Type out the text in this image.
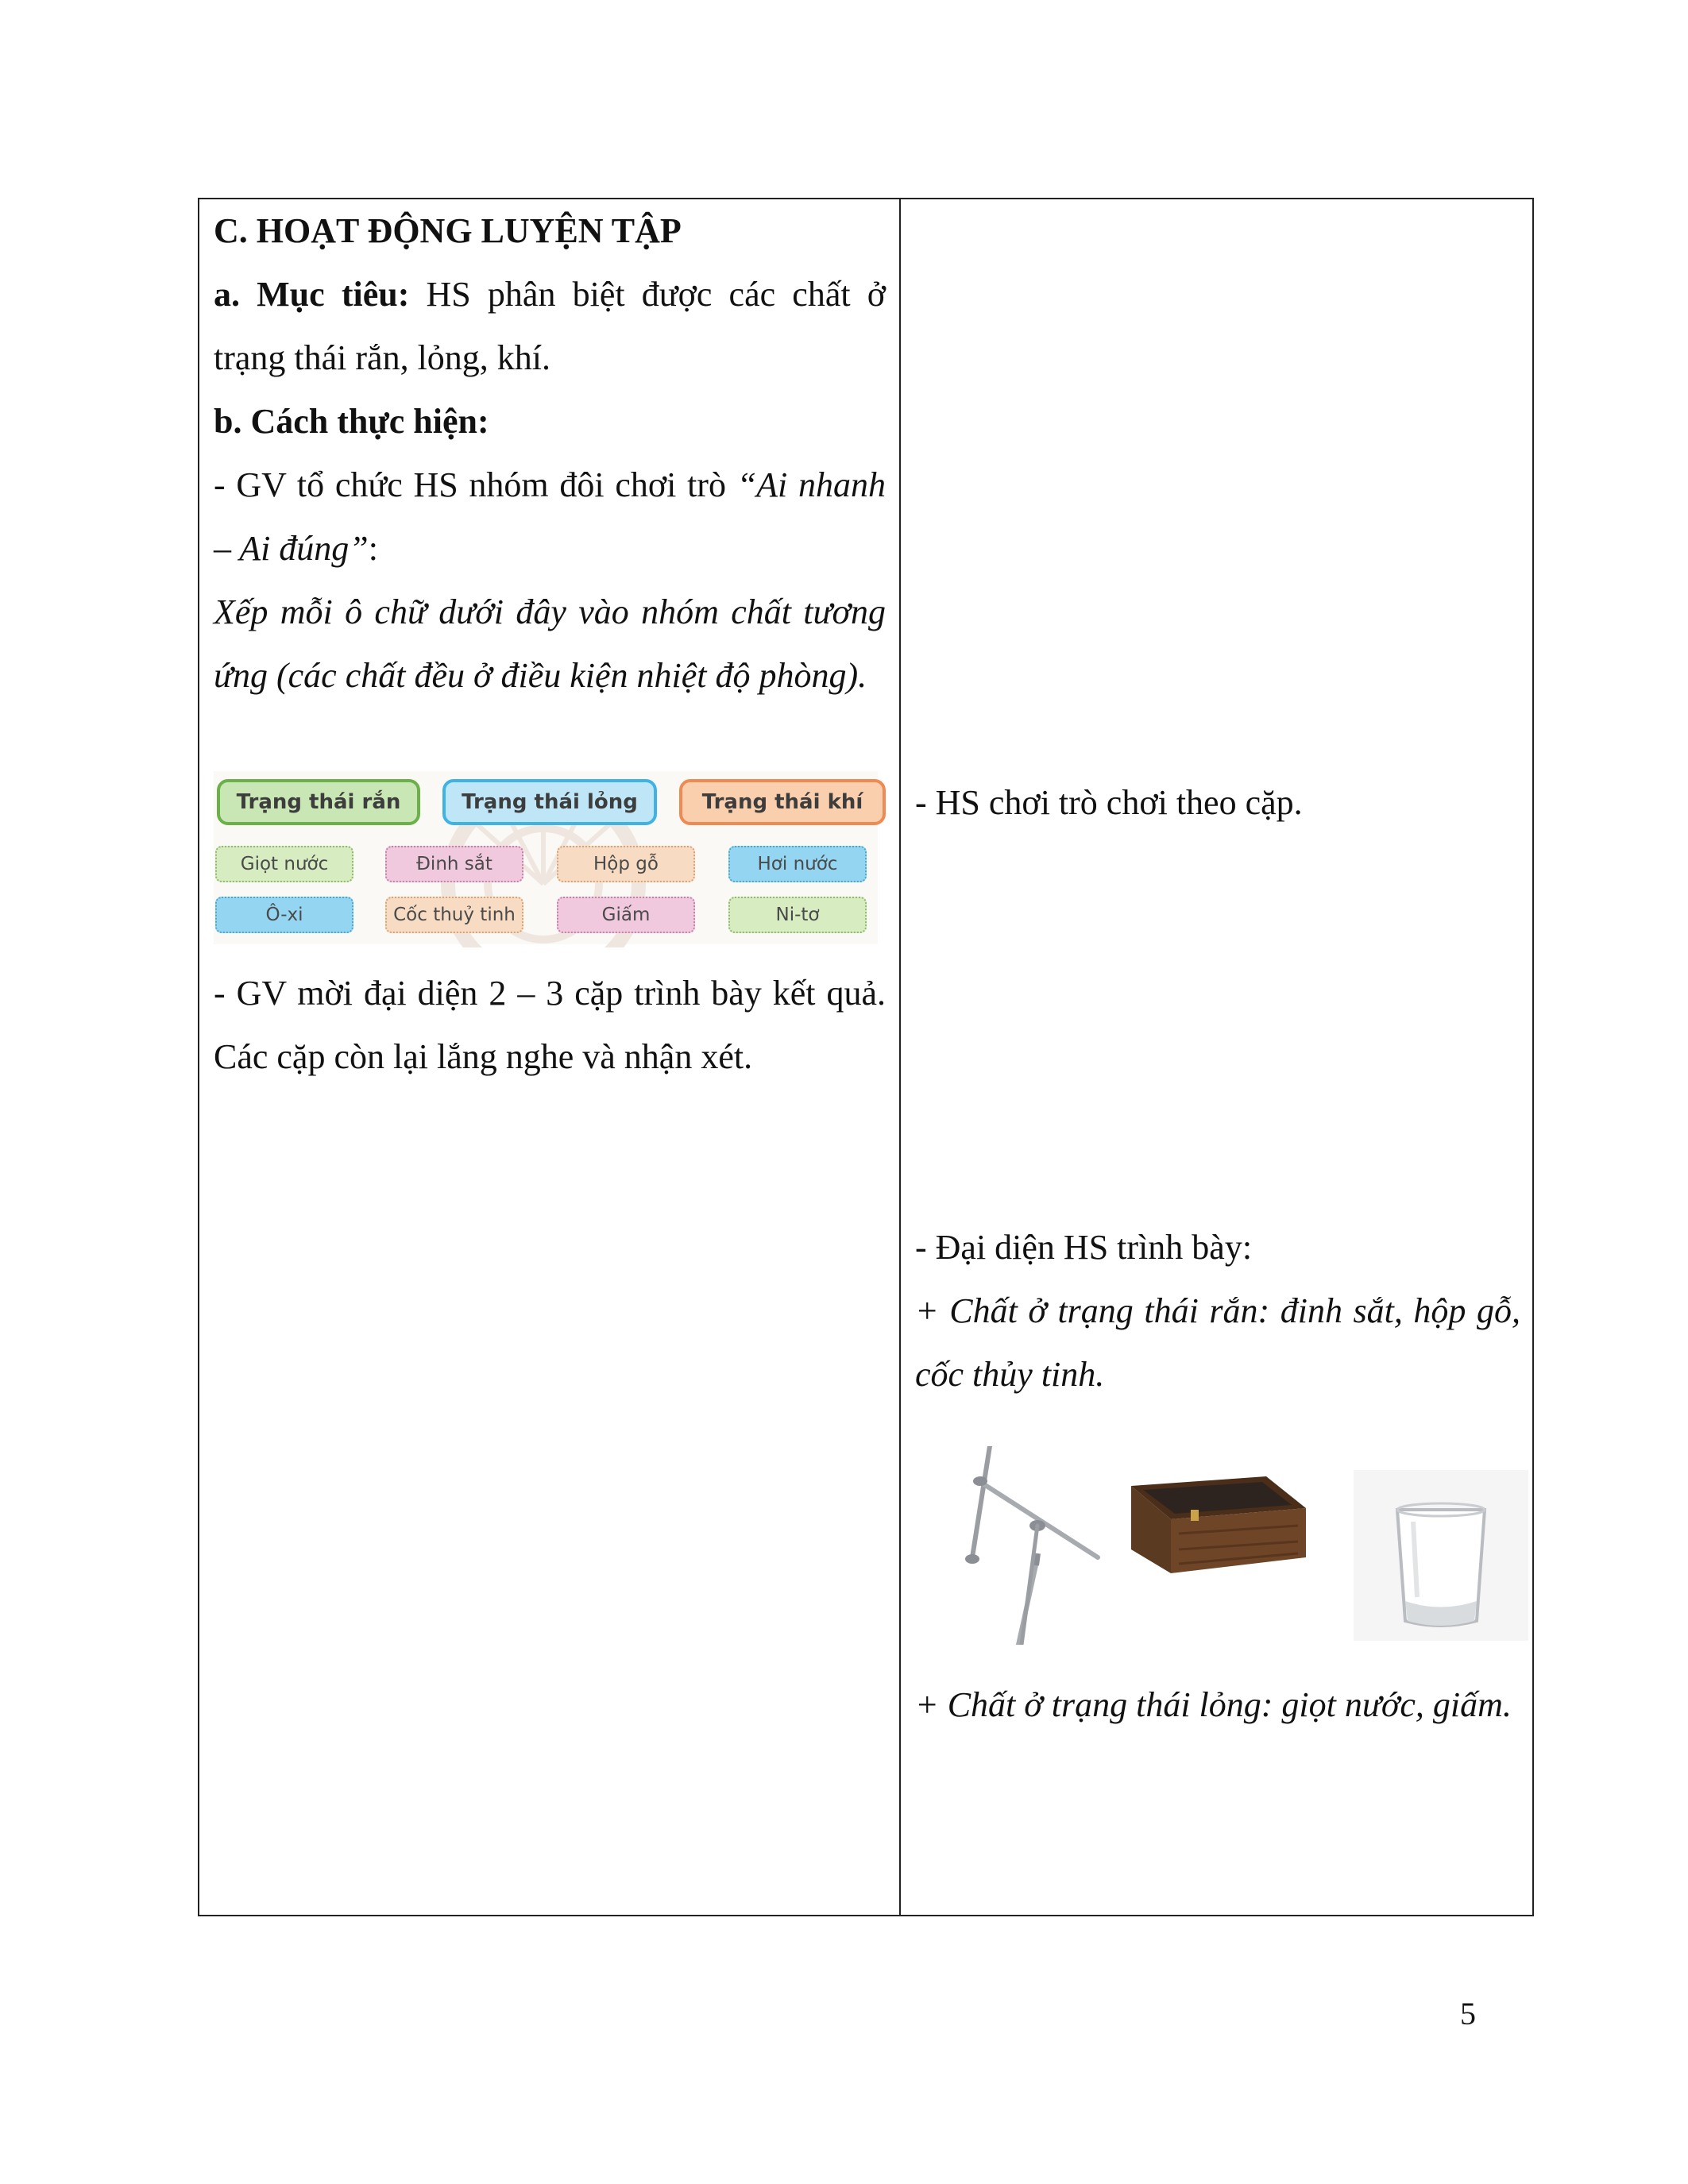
C. HOẠT ĐỘNG LUYỆN TẬP
a. Mục tiêu: HS phân biệt được các chất ở trạng thái rắn, lỏng, khí.
b. Cách thực hiện:
- GV tổ chức HS nhóm đôi chơi trò “Ai nhanh – Ai đúng”:
Xếp mỗi ô chữ dưới đây vào nhóm chất tương ứng (các chất đều ở điều kiện nhiệt độ phòng).
Trạng thái rắn	Trạng thái lỏng	Trạng thái khí
Giọt nước	Đinh sắt	Hộp gỗ	Hơi nước
Ô-xi	Cốc thuỷ tinh	Giấm	Ni-tơ
- GV mời đại diện 2 – 3 cặp trình bày kết quả. Các cặp còn lại lắng nghe và nhận xét.
- HS chơi trò chơi theo cặp.
- Đại diện HS trình bày:
+ Chất ở trạng thái rắn: đinh sắt, hộp gỗ, cốc thủy tinh.
+ Chất ở trạng thái lỏng: giọt nước, giấm.
5
